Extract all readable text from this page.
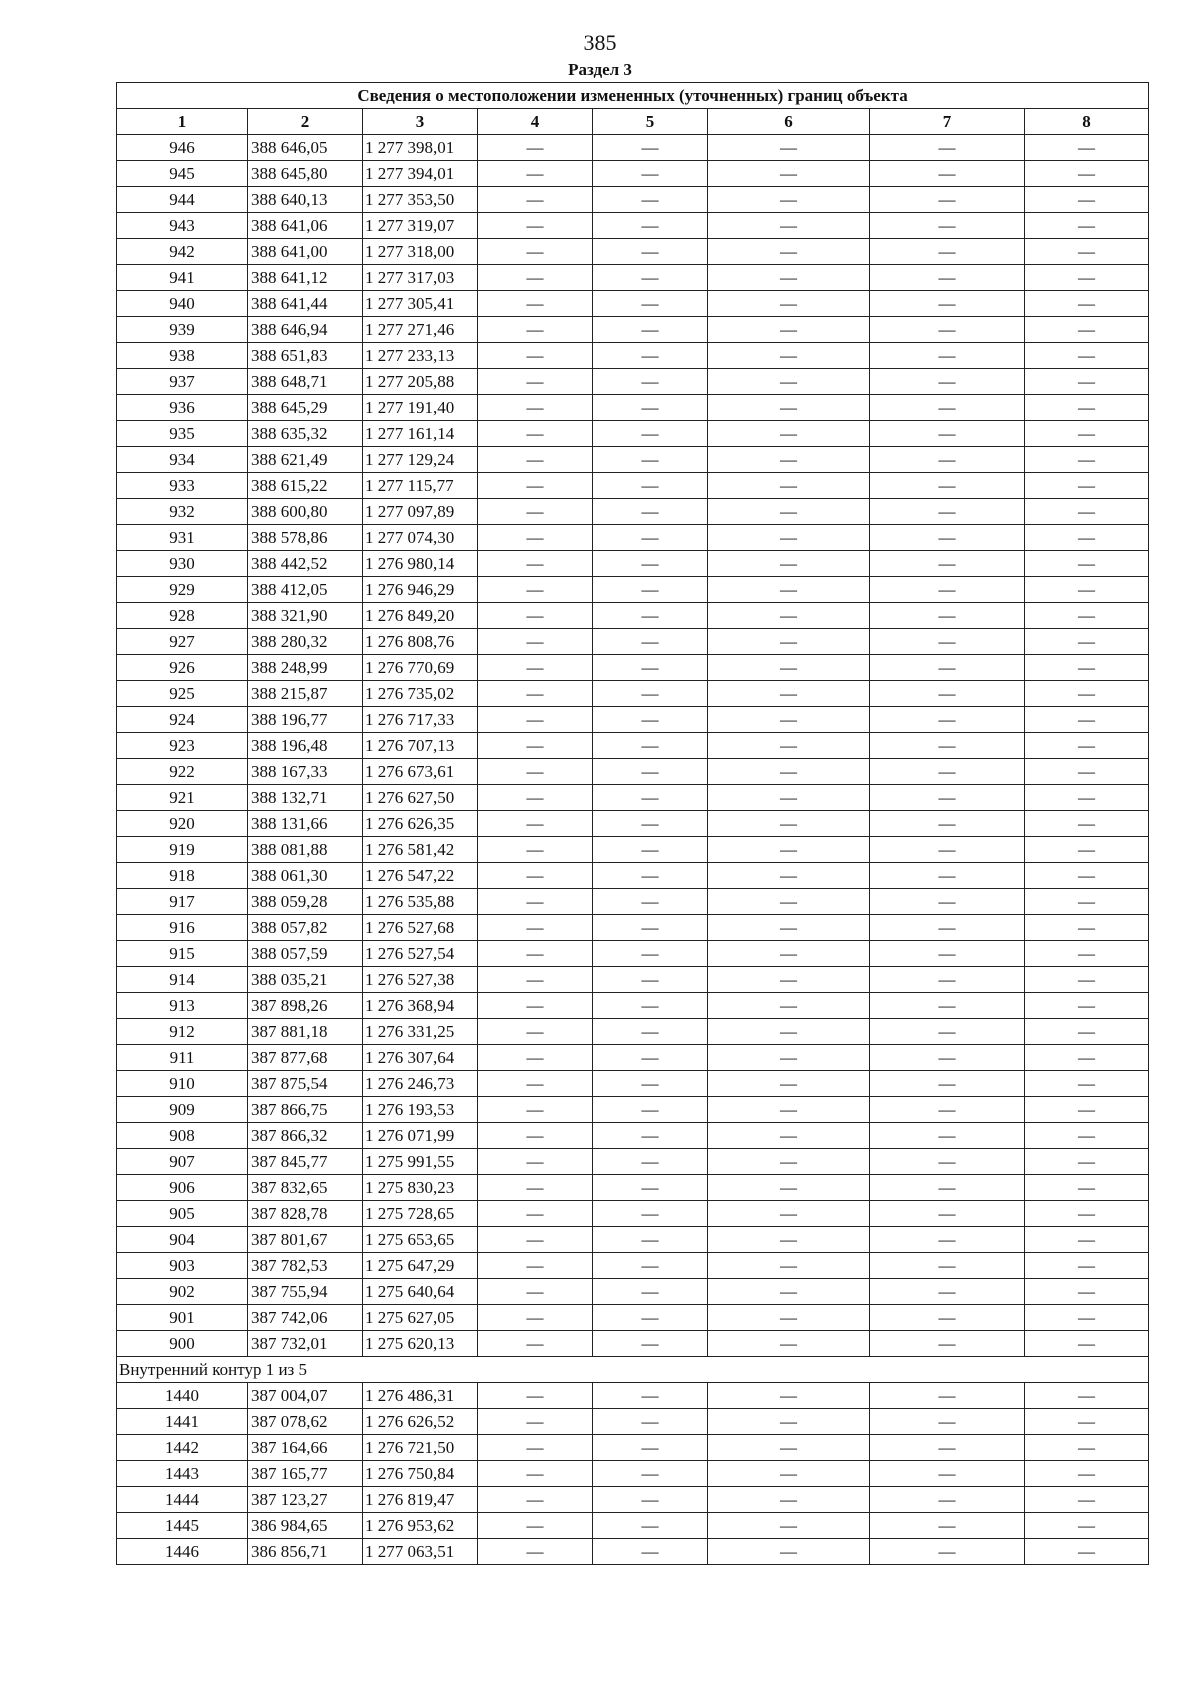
385
Раздел 3
Сведения о местоположении измененных (уточненных) границ объекта							
1	2	3	4	5	6	7	8
946	388 646,05	1 277 398,01	—	—	—	—	—
945	388 645,80	1 277 394,01	—	—	—	—	—
944	388 640,13	1 277 353,50	—	—	—	—	—
943	388 641,06	1 277 319,07	—	—	—	—	—
942	388 641,00	1 277 318,00	—	—	—	—	—
941	388 641,12	1 277 317,03	—	—	—	—	—
940	388 641,44	1 277 305,41	—	—	—	—	—
939	388 646,94	1 277 271,46	—	—	—	—	—
938	388 651,83	1 277 233,13	—	—	—	—	—
937	388 648,71	1 277 205,88	—	—	—	—	—
936	388 645,29	1 277 191,40	—	—	—	—	—
935	388 635,32	1 277 161,14	—	—	—	—	—
934	388 621,49	1 277 129,24	—	—	—	—	—
933	388 615,22	1 277 115,77	—	—	—	—	—
932	388 600,80	1 277 097,89	—	—	—	—	—
931	388 578,86	1 277 074,30	—	—	—	—	—
930	388 442,52	1 276 980,14	—	—	—	—	—
929	388 412,05	1 276 946,29	—	—	—	—	—
928	388 321,90	1 276 849,20	—	—	—	—	—
927	388 280,32	1 276 808,76	—	—	—	—	—
926	388 248,99	1 276 770,69	—	—	—	—	—
925	388 215,87	1 276 735,02	—	—	—	—	—
924	388 196,77	1 276 717,33	—	—	—	—	—
923	388 196,48	1 276 707,13	—	—	—	—	—
922	388 167,33	1 276 673,61	—	—	—	—	—
921	388 132,71	1 276 627,50	—	—	—	—	—
920	388 131,66	1 276 626,35	—	—	—	—	—
919	388 081,88	1 276 581,42	—	—	—	—	—
918	388 061,30	1 276 547,22	—	—	—	—	—
917	388 059,28	1 276 535,88	—	—	—	—	—
916	388 057,82	1 276 527,68	—	—	—	—	—
915	388 057,59	1 276 527,54	—	—	—	—	—
914	388 035,21	1 276 527,38	—	—	—	—	—
913	387 898,26	1 276 368,94	—	—	—	—	—
912	387 881,18	1 276 331,25	—	—	—	—	—
911	387 877,68	1 276 307,64	—	—	—	—	—
910	387 875,54	1 276 246,73	—	—	—	—	—
909	387 866,75	1 276 193,53	—	—	—	—	—
908	387 866,32	1 276 071,99	—	—	—	—	—
907	387 845,77	1 275 991,55	—	—	—	—	—
906	387 832,65	1 275 830,23	—	—	—	—	—
905	387 828,78	1 275 728,65	—	—	—	—	—
904	387 801,67	1 275 653,65	—	—	—	—	—
903	387 782,53	1 275 647,29	—	—	—	—	—
902	387 755,94	1 275 640,64	—	—	—	—	—
901	387 742,06	1 275 627,05	—	—	—	—	—
900	387 732,01	1 275 620,13	—	—	—	—	—
Внутренний контур 1 из 5							
1440	387 004,07	1 276 486,31	—	—	—	—	—
1441	387 078,62	1 276 626,52	—	—	—	—	—
1442	387 164,66	1 276 721,50	—	—	—	—	—
1443	387 165,77	1 276 750,84	—	—	—	—	—
1444	387 123,27	1 276 819,47	—	—	—	—	—
1445	386 984,65	1 276 953,62	—	—	—	—	—
1446	386 856,71	1 277 063,51	—	—	—	—	—
